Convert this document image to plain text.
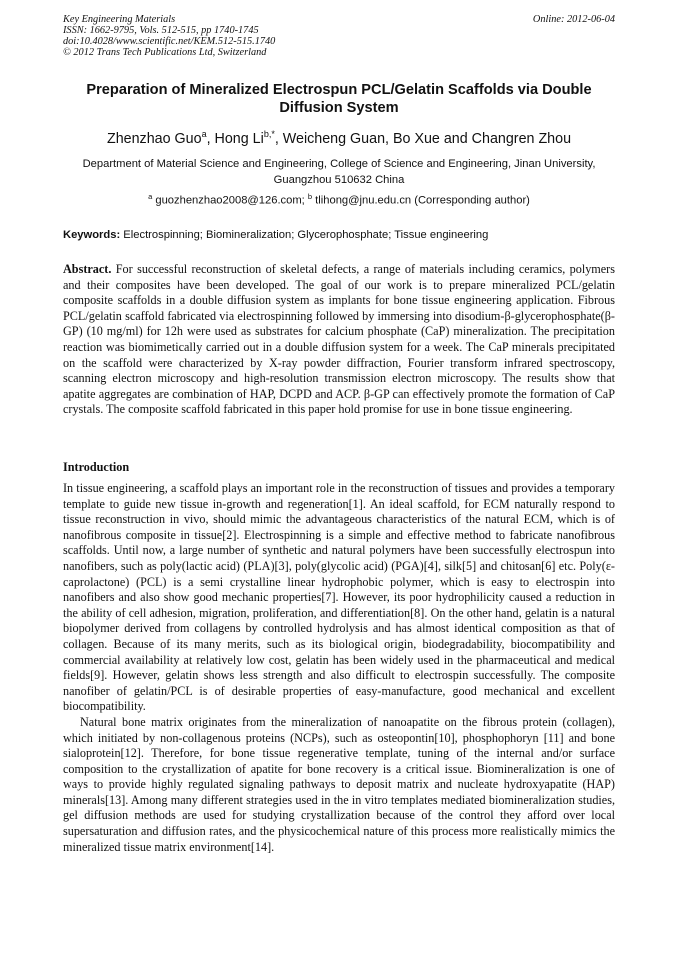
Key Engineering Materials
ISSN: 1662-9795, Vols. 512-515, pp 1740-1745
doi:10.4028/www.scientific.net/KEM.512-515.1740
© 2012 Trans Tech Publications Ltd, Switzerland
Online: 2012-06-04
Preparation of Mineralized Electrospun PCL/Gelatin Scaffolds via Double Diffusion System
Zhenzhao Guo$^a$, Hong $Li^{b,*}$, Weicheng Guan, Bo Xue and Changren Zhou
Department of Material Science and Engineering, College of Science and Engineering, Jinan University, Guangzhou 510632 China
$^a$ guozhenzhao2008@126.com; $^b$ tlihong@jnu.edu.cn (Corresponding author)
Keywords: Electrospinning; Biomineralization; Glycerophosphate; Tissue engineering
Abstract. For successful reconstruction of skeletal defects, a range of materials including ceramics, polymers and their composites have been developed. The goal of our work is to prepare mineralized PCL/gelatin composite scaffolds in a double diffusion system as implants for bone tissue engineering application. Fibrous PCL/gelatin scaffold fabricated via electrospinning followed by immersing into disodium-β-glycerophosphate(β-GP) (10 mg/ml) for 12h were used as substrates for calcium phosphate (CaP) mineralization. The precipitation reaction was biomimetically carried out in a double diffusion system for a week. The CaP minerals precipitated on the scaffold were characterized by X-ray powder diffraction, Fourier transform infrared spectroscopy, scanning electron microscopy and high-resolution transmission electron microscopy. The results show that apatite aggregates are combination of HAP, DCPD and ACP. β-GP can effectively promote the formation of CaP crystals. The composite scaffold fabricated in this paper hold promise for use in bone tissue engineering.
Introduction

In tissue engineering, a scaffold plays an important role in the reconstruction of tissues and provides a temporary template to guide new tissue in-growth and regeneration[1]. An ideal scaffold, for ECM naturally respond to tissue reconstruction in vivo, should mimic the advantageous characteristics of the natural ECM, which is of nanofibrous composite in tissue[2]. Electrospinning is a simple and effective method to fabricate nanofibrous scaffolds. Until now, a large number of synthetic and natural polymers have been successfully electrospun into nanofibers, such as poly(lactic acid) (PLA)[3], poly(glycolic acid) (PGA)[4], silk[5] and chitosan[6] etc. Poly(ε-caprolactone) (PCL) is a semi crystalline linear hydrophobic polymer, which is easy to electrospin into nanofibers and also show good mechanic properties[7]. However, its poor hydrophilicity caused a reduction in the ability of cell adhesion, migration, proliferation, and differentiation[8]. On the other hand, gelatin is a natural biopolymer derived from collagens by controlled hydrolysis and has almost identical composition as that of collagen. Because of its many merits, such as its biological origin, biodegradability, biocompatibility and commercial availability at relatively low cost, gelatin has been widely used in the pharmaceutical and medical fields[9]. However, gelatin shows less strength and also difficult to electrospin successfully. The composite nanofiber of gelatin/PCL is of desirable properties of easy-manufacture, good mechanical and excellent biocompatibility.

Natural bone matrix originates from the mineralization of nanoapatite on the fibrous protein (collagen), which initiated by non-collagenous proteins (NCPs), such as osteopontin[10], phosphophoryn [11] and bone sialoprotein[12]. Therefore, for bone tissue regenerative template, tuning of the internal and/or surface composition to the crystallization of apatite for bone recovery is a critical issue. Biomineralization is one of ways to provide highly regulated signaling pathways to deposit matrix and nucleate hydroxyapatite (HAP) minerals[13]. Among many different strategies used in the in vitro templates mediated biomineralization studies, gel diffusion methods are used for studying crystallization because of the control they afford over local supersaturation and diffusion rates, and the physicochemical nature of this process more realistically mimics the mineralized tissue matrix environment[14].
